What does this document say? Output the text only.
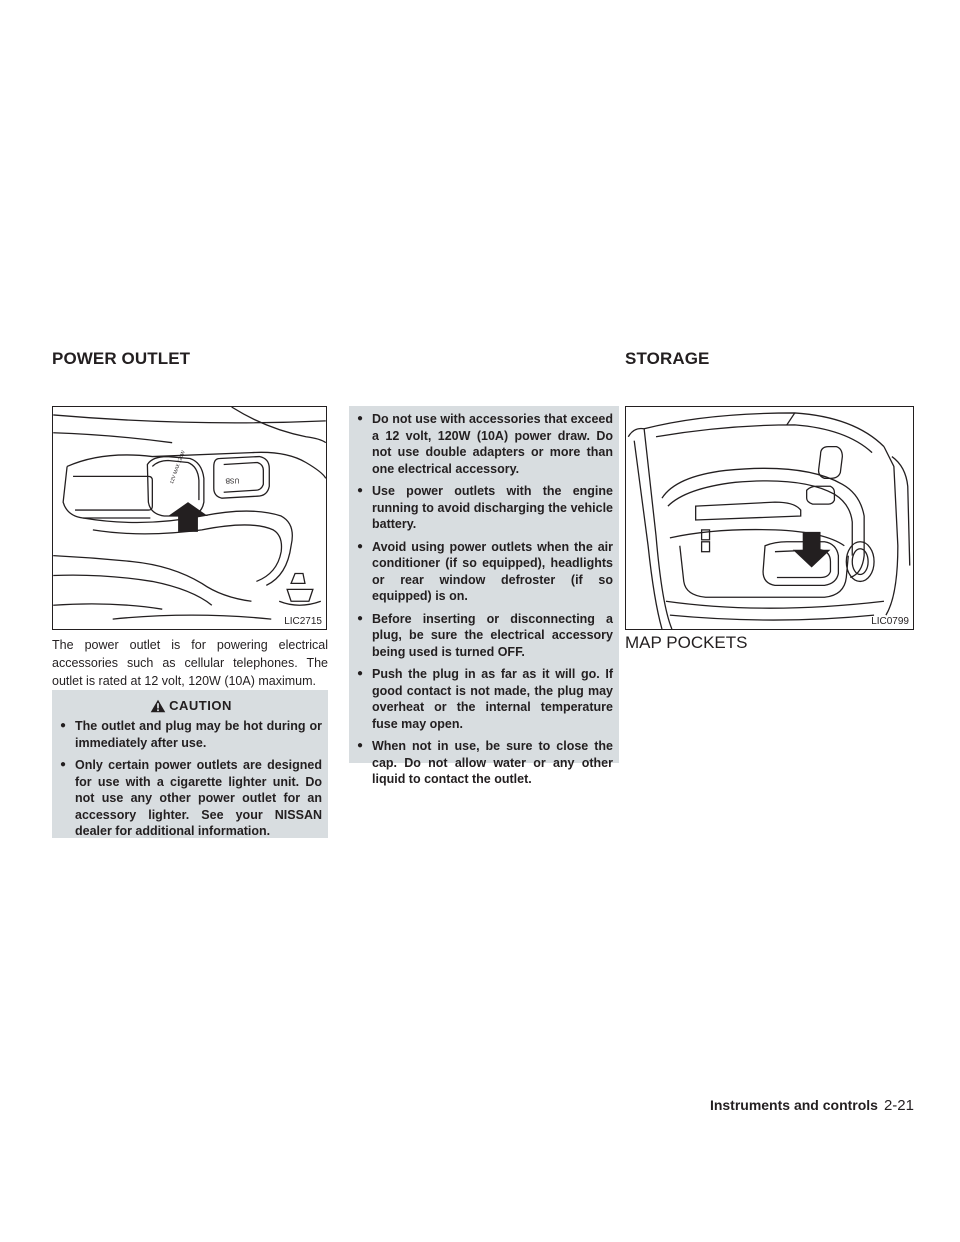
POWER OUTLET	STORAGE
USB
12V MAX 120W
LIC2715

The power outlet is for powering electrical accessories such as cellular telephones. The outlet is rated at 12 volt, 120W (10A) maximum.

CAUTION
● The outlet and plug may be hot during or immediately after use.
● Only certain power outlets are designed for use with a cigarette lighter unit. Do not use any other power outlet for an accessory lighter. See your NISSAN dealer for additional information.
● Do not use with accessories that exceed a 12 volt, 120W (10A) power draw. Do not use double adapters or more than one electrical accessory.
● Use power outlets with the engine running to avoid discharging the vehicle battery.
● Avoid using power outlets when the air conditioner (if so equipped), headlights or rear window defroster (if so equipped) is on.
● Before inserting or disconnecting a plug, be sure the electrical accessory being used is turned OFF.
● Push the plug in as far as it will go. If good contact is not made, the plug may overheat or the internal temperature fuse may open.
● When not in use, be sure to close the cap. Do not allow water or any other liquid to contact the outlet.
LIC0799
MAP POCKETS
Instruments and controls 2-21
